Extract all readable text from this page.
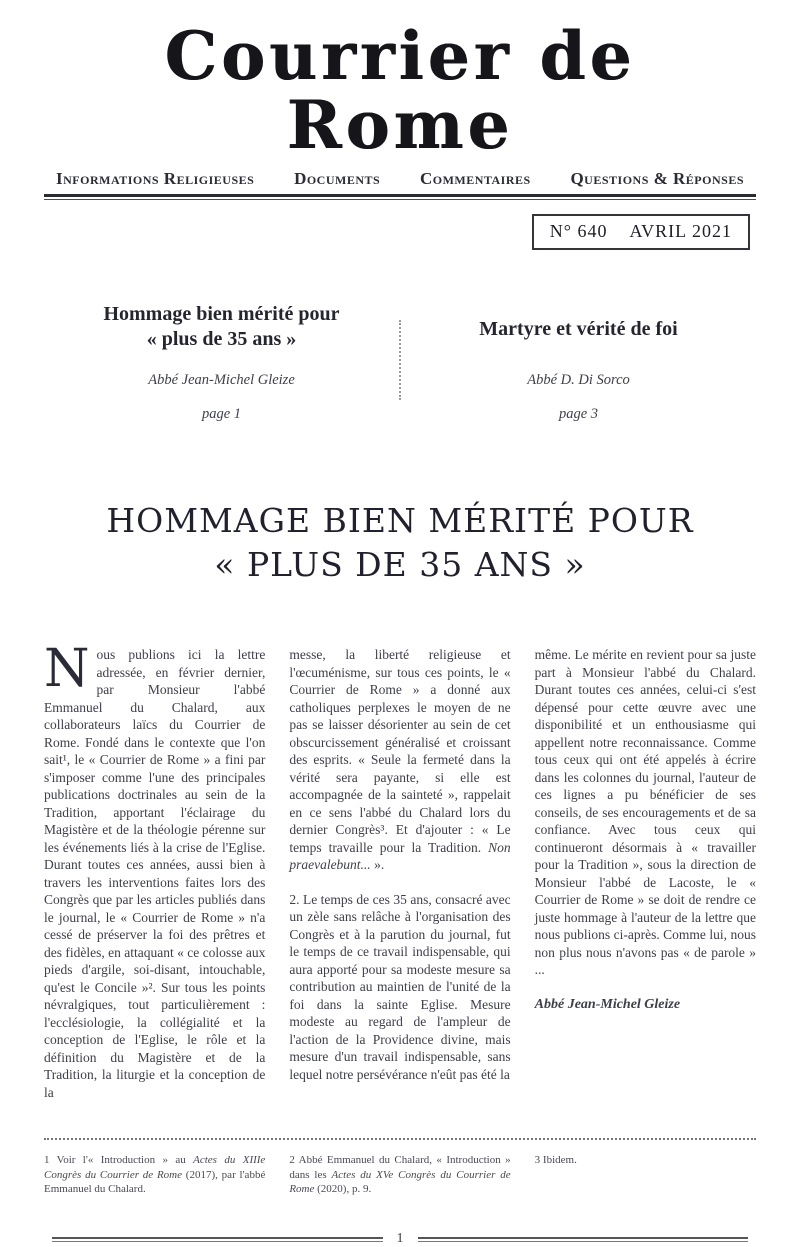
Courrier de Rome
Informations Religieuses Documents Commentaires Questions & Réponses
N° 640 AVRIL 2021
Hommage bien mérité pour
« plus de 35 ans »

Abbé Jean-Michel Gleize

page 1

Martyre et vérité de foi

Abbé D. Di Sorco

page 3

HOMMAGE BIEN MÉRITÉ POUR
« PLUS DE 35 ANS »

Nous publions ici la lettre adressée, en février dernier, par Monsieur l'abbé Emmanuel du Chalard, aux collaborateurs laïcs du Courrier de Rome. Fondé dans le contexte que l'on sait¹, le « Courrier de Rome » a fini par s'imposer comme l'une des principales publications doctrinales au sein de la Tradition, apportant l'éclairage du Magistère et de la théologie pérenne sur les événements liés à la crise de l'Eglise. Durant toutes ces années, aussi bien à travers les interventions faites lors des Congrès que par les articles publiés dans le journal, le « Courrier de Rome » n'a cessé de préserver la foi des prêtres et des fidèles, en attaquant « ce colosse aux pieds d'argile, soi-disant, intouchable, qu'est le Concile »². Sur tous les points névralgiques, tout particulièrement : l'ecclésiologie, la collégialité et la conception de l'Eglise, le rôle et la définition du Magistère et de la Tradition, la liturgie et la conception de la

messe, la liberté religieuse et l'œcuménisme, sur tous ces points, le « Courrier de Rome » a donné aux catholiques perplexes le moyen de ne pas se laisser désorienter au sein de cet obscurcissement généralisé et croissant des esprits. « Seule la fermeté dans la vérité sera payante, si elle est accompagnée de la sainteté », rappelait en ce sens l'abbé du Chalard lors du dernier Congrès³. Et d'ajouter : « Le temps travaille pour la Tradition. Non praevalebunt... ».

2. Le temps de ces 35 ans, consacré avec un zèle sans relâche à l'organisation des Congrès et à la parution du journal, fut le temps de ce travail indispensable, qui aura apporté pour sa modeste mesure sa contribution au maintien de l'unité de la foi dans la sainte Eglise. Mesure modeste au regard de l'ampleur de l'action de la Providence divine, mais mesure d'un travail indispensable, sans lequel notre persévérance n'eût pas été la

même. Le mérite en revient pour sa juste part à Monsieur l'abbé du Chalard. Durant toutes ces années, celui-ci s'est dépensé pour cette œuvre avec une disponibilité et un enthousiasme qui appellent notre reconnaissance. Comme tous ceux qui ont été appelés à écrire dans les colonnes du journal, l'auteur de ces lignes a pu bénéficier de ses conseils, de ses encouragements et de sa confiance. Avec tous ceux qui continueront désormais à « travailler pour la Tradition », sous la direction de Monsieur l'abbé de Lacoste, le « Courrier de Rome » se doit de rendre ce juste hommage à l'auteur de la lettre que nous publions ci-après. Comme lui, nous non plus nous n'avons pas « de parole » ...

Abbé Jean-Michel Gleize

1 Voir l'« Introduction » au Actes du XIIIe Congrès du Courrier de Rome (2017), par l'abbé Emmanuel du Chalard.
2 Abbé Emmanuel du Chalard, « Introduction » dans les Actes du XVe Congrès du Courrier de Rome (2020), p. 9.
3 Ibidem.
1
